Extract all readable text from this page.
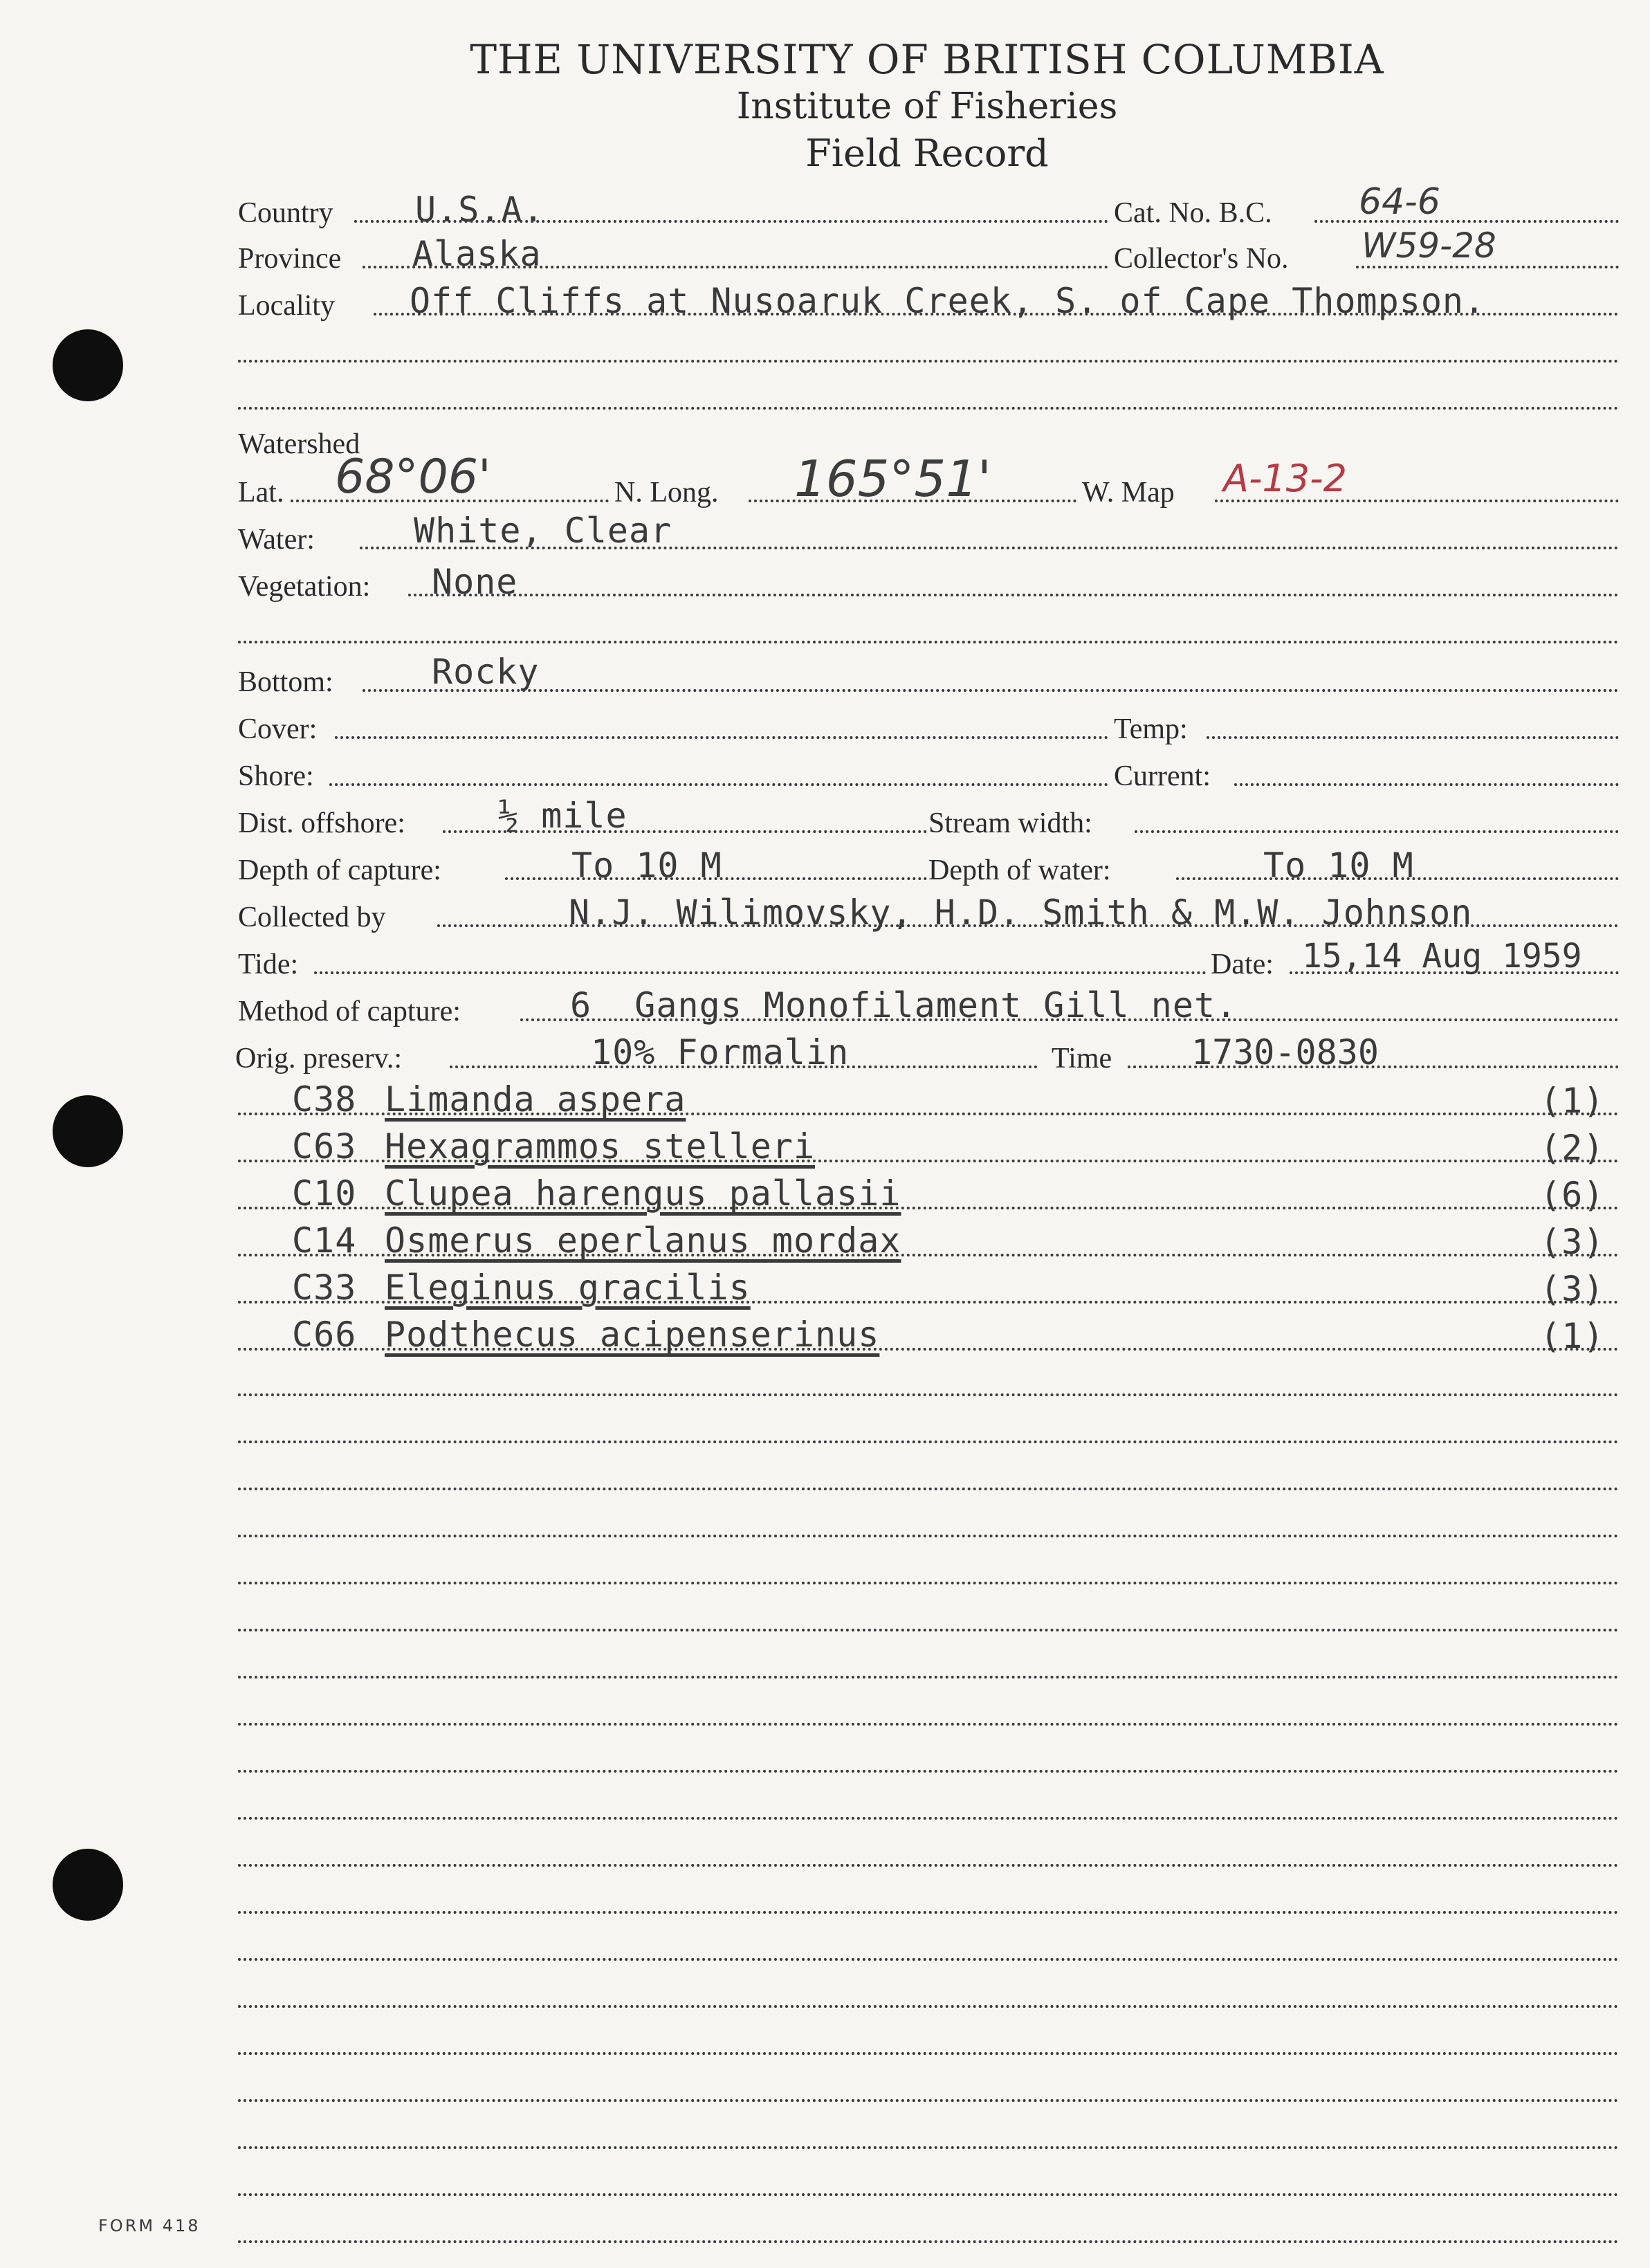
THE UNIVERSITY OF BRITISH COLUMBIA
Institute of Fisheries
Field Record
Country U.S.A.	Cat. No. B.C. 64-6
Province Alaska	Collector's No. W59-28
Locality Off Cliffs at Nusoaruk Creek, S. of Cape Thompson.
Watershed
Lat. 68°06'	N. Long. 165°51'	W. Map A-13-2
Water:	White, Clear
Vegetation: None
Bottom:	Rocky
Cover:	Temp:
Shore:	Current:
Dist. offshore:	½ mile	Stream width:
Depth of capture:	To 10 M	Depth of water:	To 10 M
Collected by	N.J. Wilimovsky, H.D. Smith & M.W. Johnson
Tide:	Date: 15,14 Aug 1959
Method of capture:	6  Gangs Monofilament Gill net.
Orig. preserv.:	10% Formalin	Time 1730-0830
C38 Limanda aspera	(1)
C63 Hexagrammos stelleri	(2)
C10 Clupea harengus pallasii	(6)
C14 Osmerus eperlanus mordax	(3)
C33 Eleginus gracilis	(3)
C66 Podthecus acipenserinus	(1)
FORM 418
